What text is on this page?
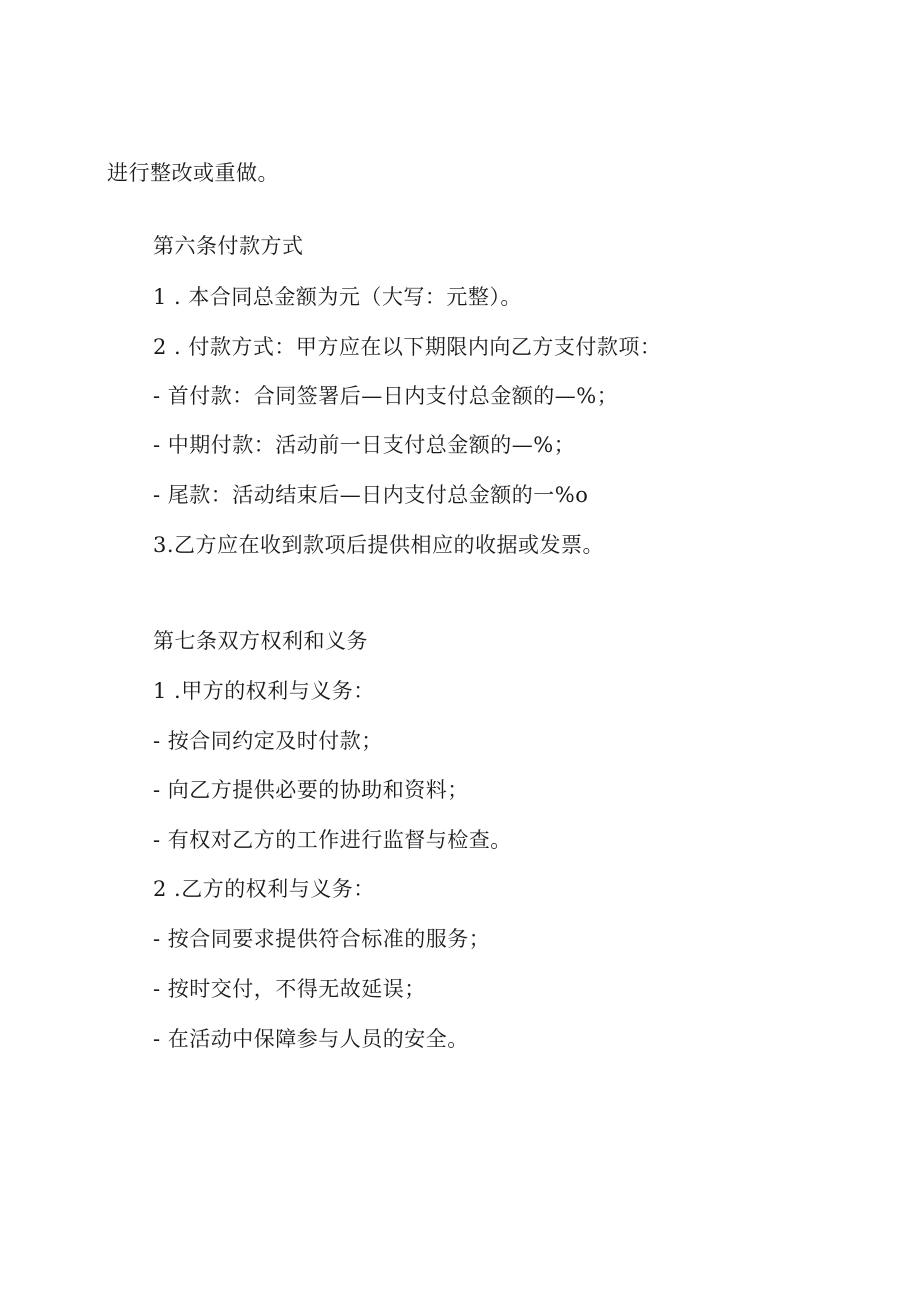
进行整改或重做。
第六条付款方式
1 . 本合同总金额为元（大写：元整）。
2 . 付款方式：甲方应在以下期限内向乙方支付款项：
- 首付款：合同签署后—日内支付总金额的—%；
- 中期付款：活动前一日支付总金额的—%；
- 尾款：活动结束后—日内支付总金额的一%o
3.乙方应在收到款项后提供相应的收据或发票。
第七条双方权利和义务
1 .甲方的权利与义务：
- 按合同约定及时付款；
- 向乙方提供必要的协助和资料；
- 有权对乙方的工作进行监督与检查。
2 .乙方的权利与义务：
- 按合同要求提供符合标准的服务；
- 按时交付，不得无故延误；
- 在活动中保障参与人员的安全。
